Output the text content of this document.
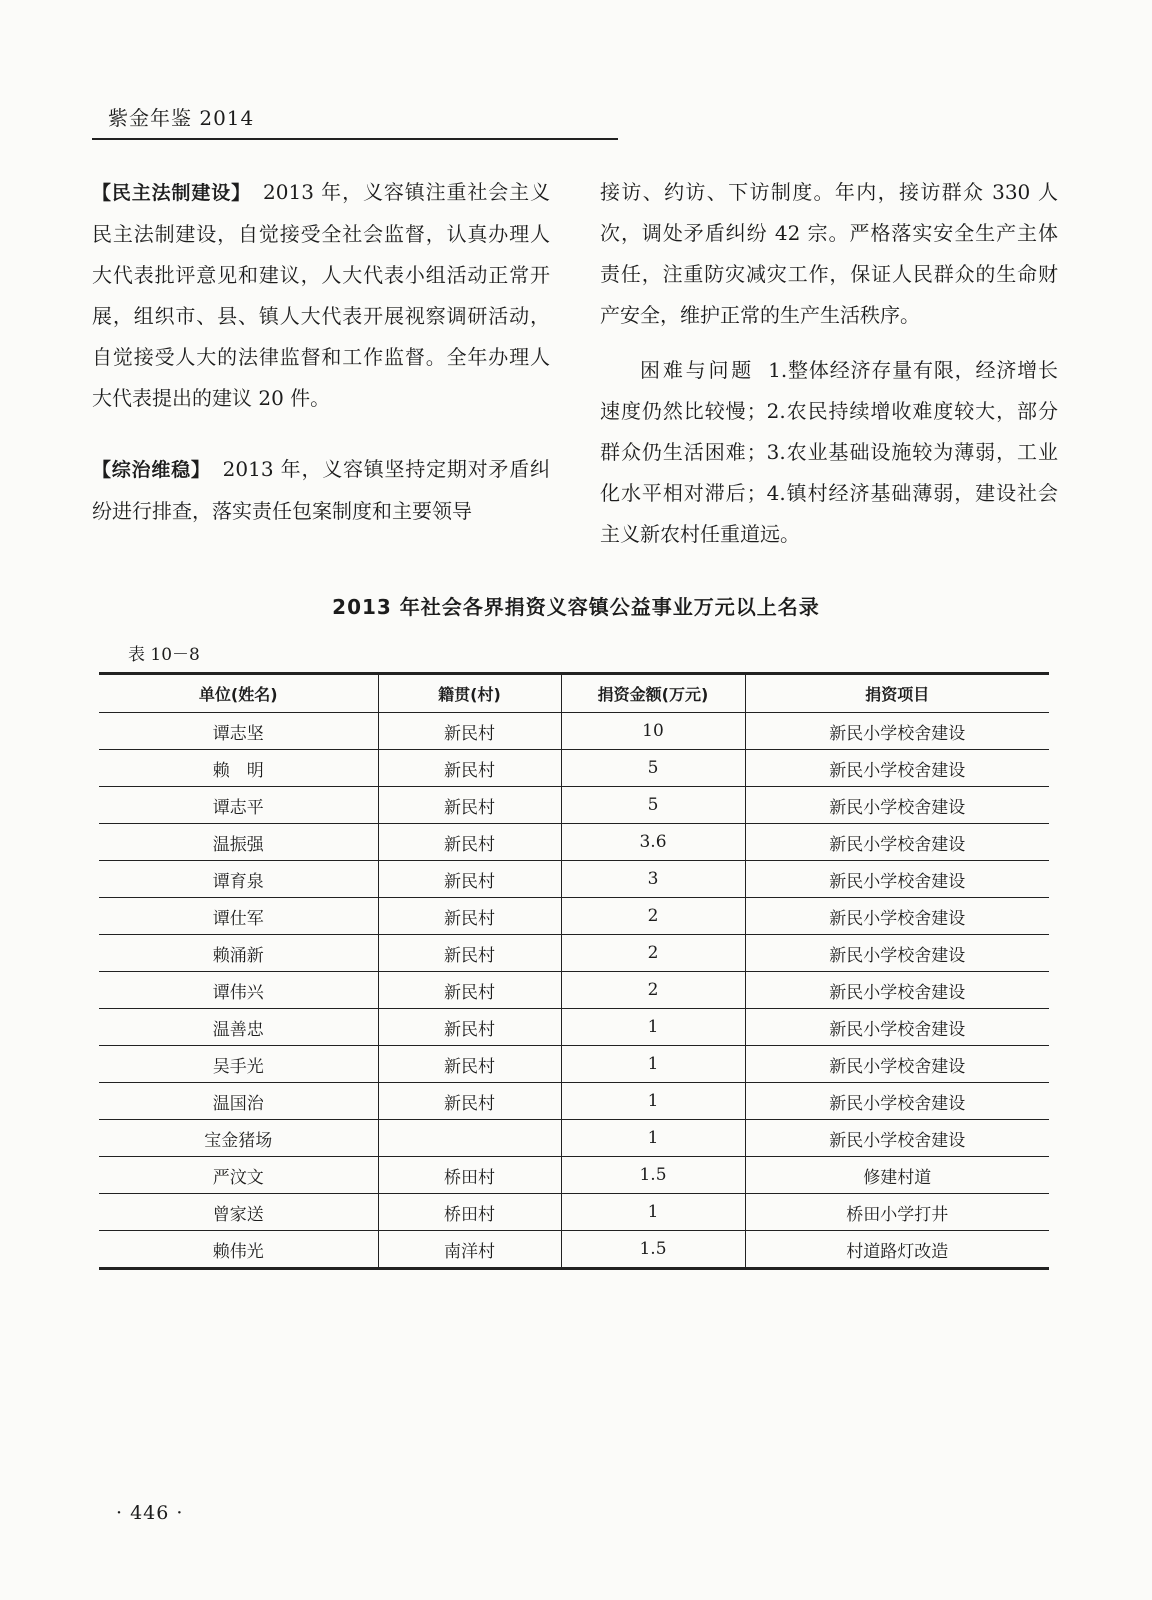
紫金年鉴 2014

【民主法制建设】 2013 年，义容镇注重社会主义民主法制建设，自觉接受全社会监督，认真办理人大代表批评意见和建议，人大代表小组活动正常开展，组织市、县、镇人大代表开展视察调研活动，自觉接受人大的法律监督和工作监督。全年办理人大代表提出的建议 20 件。

【综治维稳】 2013 年，义容镇坚持定期对矛盾纠纷进行排查，落实责任包案制度和主要领导

接访、约访、下访制度。年内，接访群众 330 人次，调处矛盾纠纷 42 宗。严格落实安全生产主体责任，注重防灾减灾工作，保证人民群众的生命财产安全，维护正常的生产生活秩序。

困难与问题 1.整体经济存量有限，经济增长速度仍然比较慢；2.农民持续增收难度较大，部分群众仍生活困难；3.农业基础设施较为薄弱，工业化水平相对滞后；4.镇村经济基础薄弱，建设社会主义新农村任重道远。

2013 年社会各界捐资义容镇公益事业万元以上名录
表 10－8
单位(姓名)	籍贯(村)	捐资金额(万元)	捐资项目
谭志坚	新民村	10	新民小学校舍建设
赖　明	新民村	5	新民小学校舍建设
谭志平	新民村	5	新民小学校舍建设
温振强	新民村	3.6	新民小学校舍建设
谭育泉	新民村	3	新民小学校舍建设
谭仕军	新民村	2	新民小学校舍建设
赖涌新	新民村	2	新民小学校舍建设
谭伟兴	新民村	2	新民小学校舍建设
温善忠	新民村	1	新民小学校舍建设
吴手光	新民村	1	新民小学校舍建设
温国治	新民村	1	新民小学校舍建设
宝金猪场		1	新民小学校舍建设
严汶文	桥田村	1.5	修建村道
曾家送	桥田村	1	桥田小学打井
赖伟光	南洋村	1.5	村道路灯改造
· 446 ·
